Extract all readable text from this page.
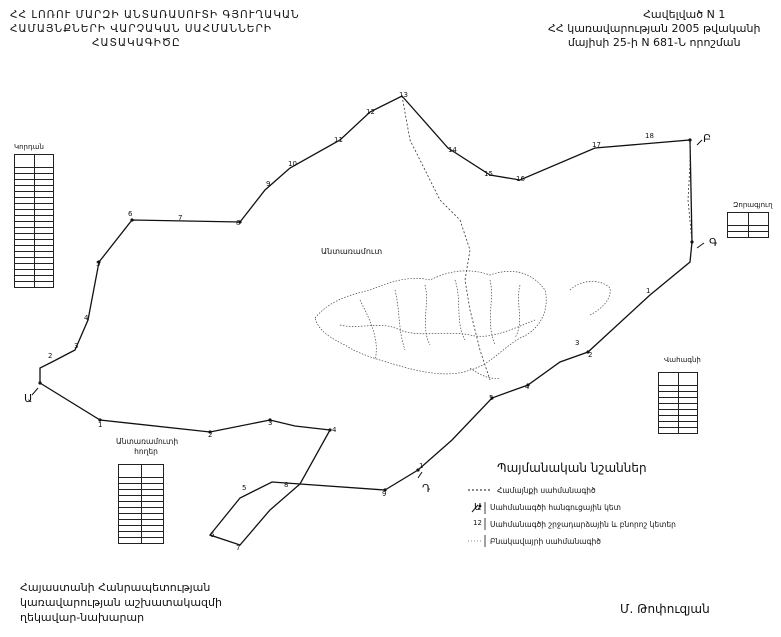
ՀՀ ԼՈՌՈՒ ՄԱՐԶԻ ԱՆՏԱՌԱՍՈՒՏԻ ԳՅՈՒՂԱԿԱՆ
ՀԱՄԱՅՆՔՆԵՐԻ ՎԱՐՉԱԿԱՆ ՍԱՀՄԱՆՆԵՐԻ
ՀԱՏԱԿԱԳԻԾԸ
Հավելված N 1
ՀՀ կառավարության 2005 թվականի
մայիսի 25-ի N 681-Ն որոշման
2
3
4
5
6	7
8
9
10
11
12
13
14
15
16
17
18
1
3
2
4
5
1
9
8
5
6
7
4
3
2
1
Անտառամուտ
Անտառամուտի հողեր
Ա
Բ
Գ
Դ
Կորդան

Վահագնի

Զորագյուղ

Պայմանական նշաններ
Ա
12
Համայնքի սահմանագիծ
Սահմանագծի հանգուցային կետ
Սահմանագծի շրջադարձային և բնորոշ կետեր
Բնակավայրի սահմանագիծ
Հայաստանի Հանրապետության
կառավարության աշխատակազմի
ղեկավար-նախարար
Մ. Թոփուզյան
